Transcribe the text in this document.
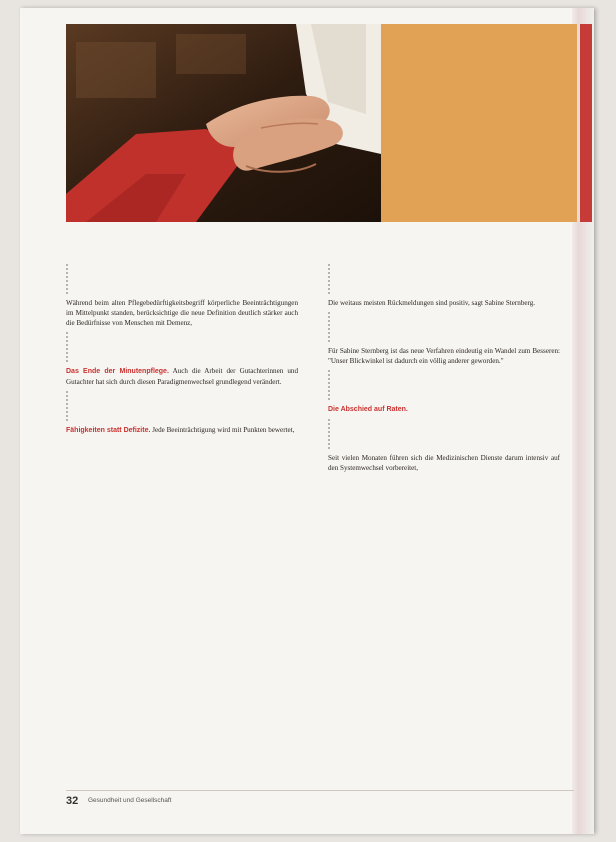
Während beim alten Pflegebedürftigkeitsbegriff körperliche Beeinträchtigungen im Mittelpunkt standen, berücksichtige die neue Definition deutlich stärker auch die Bedürfnisse von Menschen mit Demenz,

Das Ende der Minutenpflege. Auch die Arbeit der Gutachterinnen und Gutachter hat sich durch diesen Paradigmenwechsel grundlegend verändert.

Fähigkeiten statt Defizite. Jede Beeinträchtigung wird mit Punkten bewertet,

Die weitaus meisten Rückmeldungen sind positiv, sagt Sabine Sternberg.

Für Sabine Sternberg ist das neue Verfahren eindeutig ein Wandel zum Besseren: "Unser Blickwinkel ist dadurch ein völlig anderer geworden."

Die Abschied auf Raten.

Seit vielen Monaten führen sich die Medizinischen Dienste darum intensiv auf den Systemwechsel vorbereitet,

32 Gesundheit und Gesellschaft
